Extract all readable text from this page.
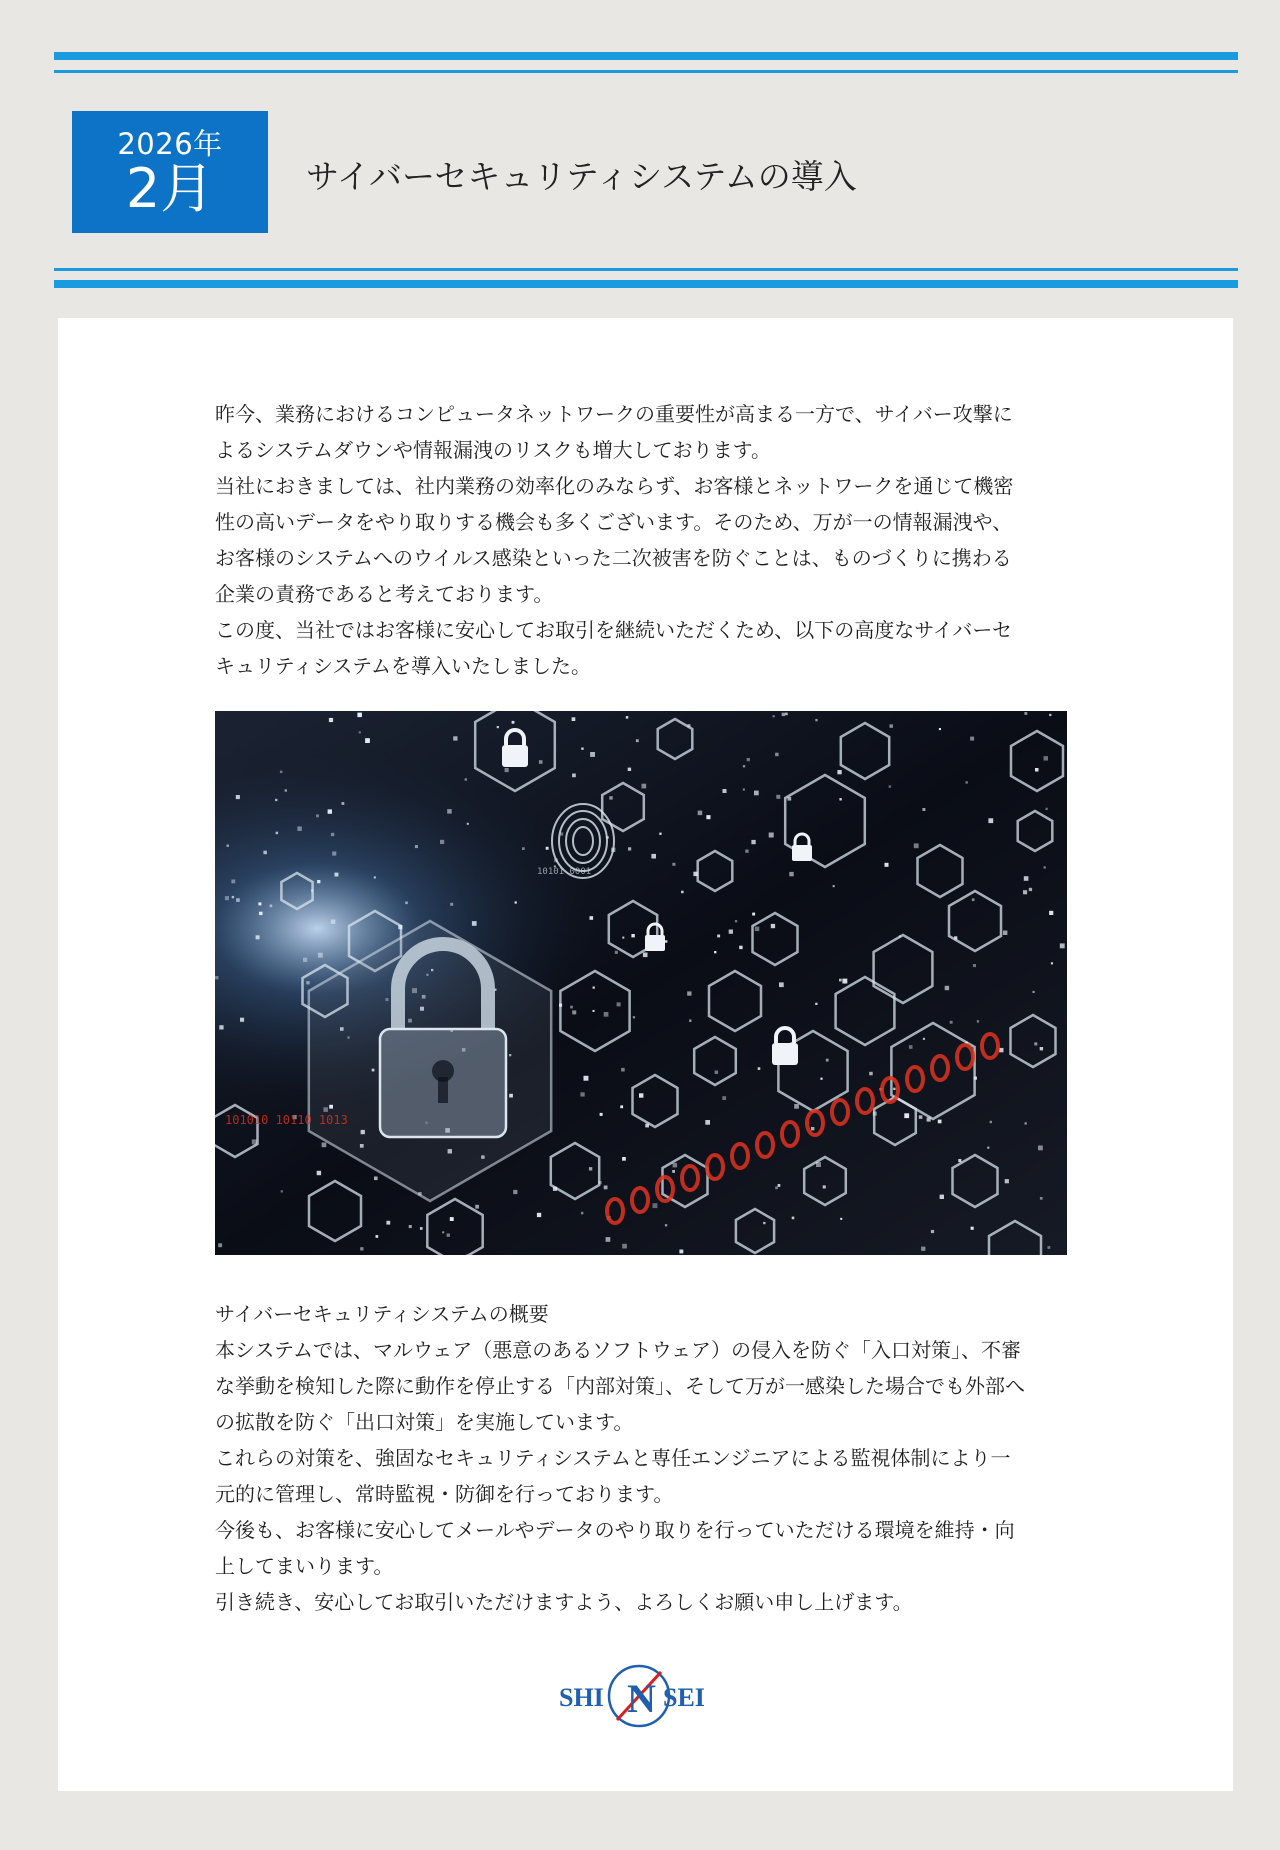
2026年
2月	サイバーセキュリティシステムの導入

昨今、業務におけるコンピュータネットワークの重要性が高まる一方で、サイバー攻撃に
よるシステムダウンや情報漏洩のリスクも増大しております。
当社におきましては、社内業務の効率化のみならず、お客様とネットワークを通じて機密
性の高いデータをやり取りする機会も多くございます。そのため、万が一の情報漏洩や、
お客様のシステムへのウイルス感染といった二次被害を防ぐことは、ものづくりに携わる
企業の責務であると考えております。
この度、当社ではお客様に安心してお取引を継続いただくため、以下の高度なサイバーセ
キュリティシステムを導入いたしました。

101010 10110 1013
10101 0001

サイバーセキュリティシステムの概要
本システムでは、マルウェア（悪意のあるソフトウェア）の侵入を防ぐ「入口対策」、不審
な挙動を検知した際に動作を停止する「内部対策」、そして万が一感染した場合でも外部へ
の拡散を防ぐ「出口対策」を実施しています。
これらの対策を、強固なセキュリティシステムと専任エンジニアによる監視体制により一
元的に管理し、常時監視・防御を行っております。
今後も、お客様に安心してメールやデータのやり取りを行っていただける環境を維持・向
上してまいります。
引き続き、安心してお取引いただけますよう、よろしくお願い申し上げます。

SHI N SEI
